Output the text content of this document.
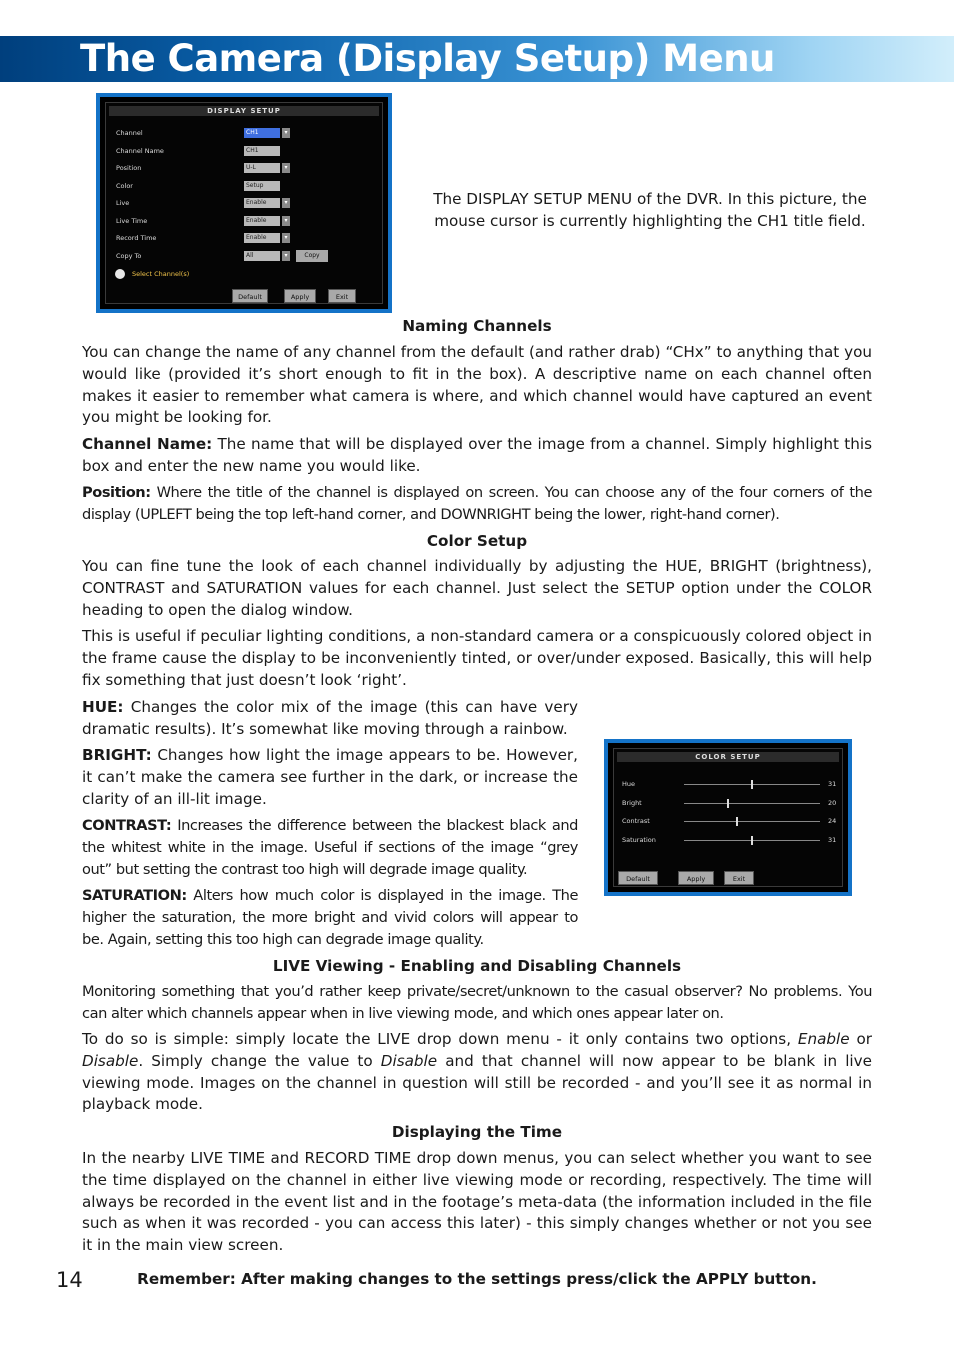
The Camera (Display Setup) Menu
DISPLAY SETUP
Channel	CH1	▾
Channel Name	CH1
Position	U-L	▾
Color	Setup
Live	Enable	▾
Live Time	Enable	▾
Record Time	Enable	▾
Copy To	All	▾	Copy
Select Channel(s)
Default	Apply	Exit

The DISPLAY SETUP MENU of the DVR. In this picture, the mouse cursor is currently highlighting the CH1 title field.

Naming Channels

You can change the name of any channel from the default (and rather drab) “CHx” to anything that you would like (provided it’s short enough to fit in the box). A descriptive name on each channel often makes it easier to remember what camera is where, and which channel would have captured an event you might be looking for.

Channel Name: The name that will be displayed over the image from a channel. Simply highlight this box and enter the new name you would like.

Position: Where the title of the channel is displayed on screen. You can choose any of the four corners of the display (UPLEFT being the top left-hand corner, and DOWNRIGHT being the lower, right-hand corner).

Color Setup

You can fine tune the look of each channel individually by adjusting the HUE, BRIGHT (brightness), CONTRAST and SATURATION values for each channel. Just select the SETUP option under the COLOR heading to open the dialog window.

This is useful if peculiar lighting conditions, a non-standard camera or a conspicuously colored object in the frame cause the display to be inconveniently tinted, or over/under exposed. Basically, this will help fix something that just doesn’t look ‘right’.

HUE: Changes the color mix of the image (this can have very dramatic results). It’s somewhat like moving through a rainbow.

BRIGHT: Changes how light the image appears to be. However, it can’t make the camera see further in the dark, or increase the clarity of an ill-lit image.

CONTRAST: Increases the difference between the blackest black and the whitest white in the image. Useful if sections of the image “grey out” but setting the contrast too high will degrade image quality.

SATURATION: Alters how much color is displayed in the image. The higher the saturation, the more bright and vivid colors will appear to be. Again, setting this too high can degrade image quality.

COLOR SETUP
Hue	31
Bright	20
Contrast	24
Saturation	31
Default	Apply	Exit

LIVE Viewing - Enabling and Disabling Channels

Monitoring something that you’d rather keep private/secret/unknown to the casual observer? No problems. You can alter which channels appear when in live viewing mode, and which ones appear later on.

To do so is simple: simply locate the LIVE drop down menu - it only contains two options, Enable or Disable. Simply change the value to Disable and that channel will now appear to be blank in live viewing mode. Images on the channel in question will still be recorded - and you’ll see it as normal in playback mode.

Displaying the Time

In the nearby LIVE TIME and RECORD TIME drop down menus, you can select whether you want to see the time displayed on the channel in either live viewing mode or recording, respectively. The time will always be recorded in the event list and in the footage’s meta-data (the information included in the file such as when it was recorded - you can access this later) - this simply changes whether or not you see it in the main view screen.

14	Remember: After making changes to the settings press/click the APPLY button.
